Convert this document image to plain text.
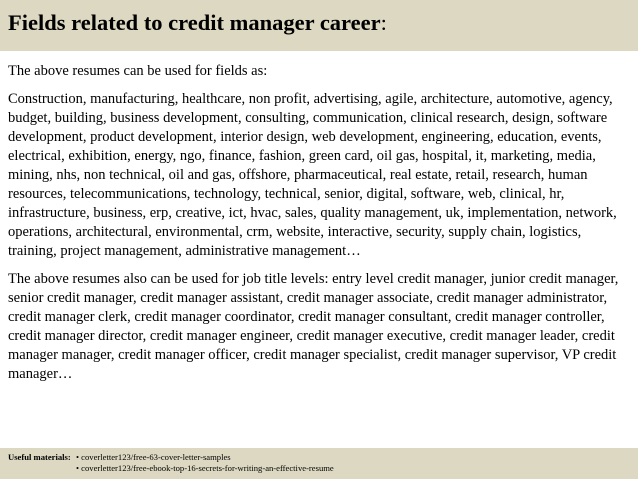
Fields related to credit manager career:

The above resumes can be used for fields as:

Construction, manufacturing, healthcare, non profit, advertising, agile, architecture, automotive, agency, budget, building, business development, consulting, communication, clinical research, design, software development, product development, interior design, web development, engineering, education, events, electrical, exhibition, energy, ngo, finance, fashion, green card, oil gas, hospital, it, marketing, media, mining, nhs, non technical, oil and gas, offshore, pharmaceutical, real estate, retail, research, human resources, telecommunications, technology, technical, senior, digital, software, web, clinical, hr, infrastructure, business, erp, creative, ict, hvac, sales, quality management, uk, implementation, network, operations, architectural, environmental, crm, website, interactive, security, supply chain, logistics, training, project management, administrative management…

The above resumes also can be used for job title levels: entry level credit manager, junior credit manager, senior credit manager, credit manager assistant, credit manager associate, credit manager administrator, credit manager clerk, credit manager coordinator, credit manager consultant, credit manager controller, credit manager director, credit manager engineer, credit manager executive, credit manager leader, credit manager manager, credit manager officer, credit manager specialist, credit manager supervisor, VP credit manager…

Useful materials:• coverletter123/free-63-cover-letter-samples
• coverletter123/free-ebook-top-16-secrets-for-writing-an-effective-resume
